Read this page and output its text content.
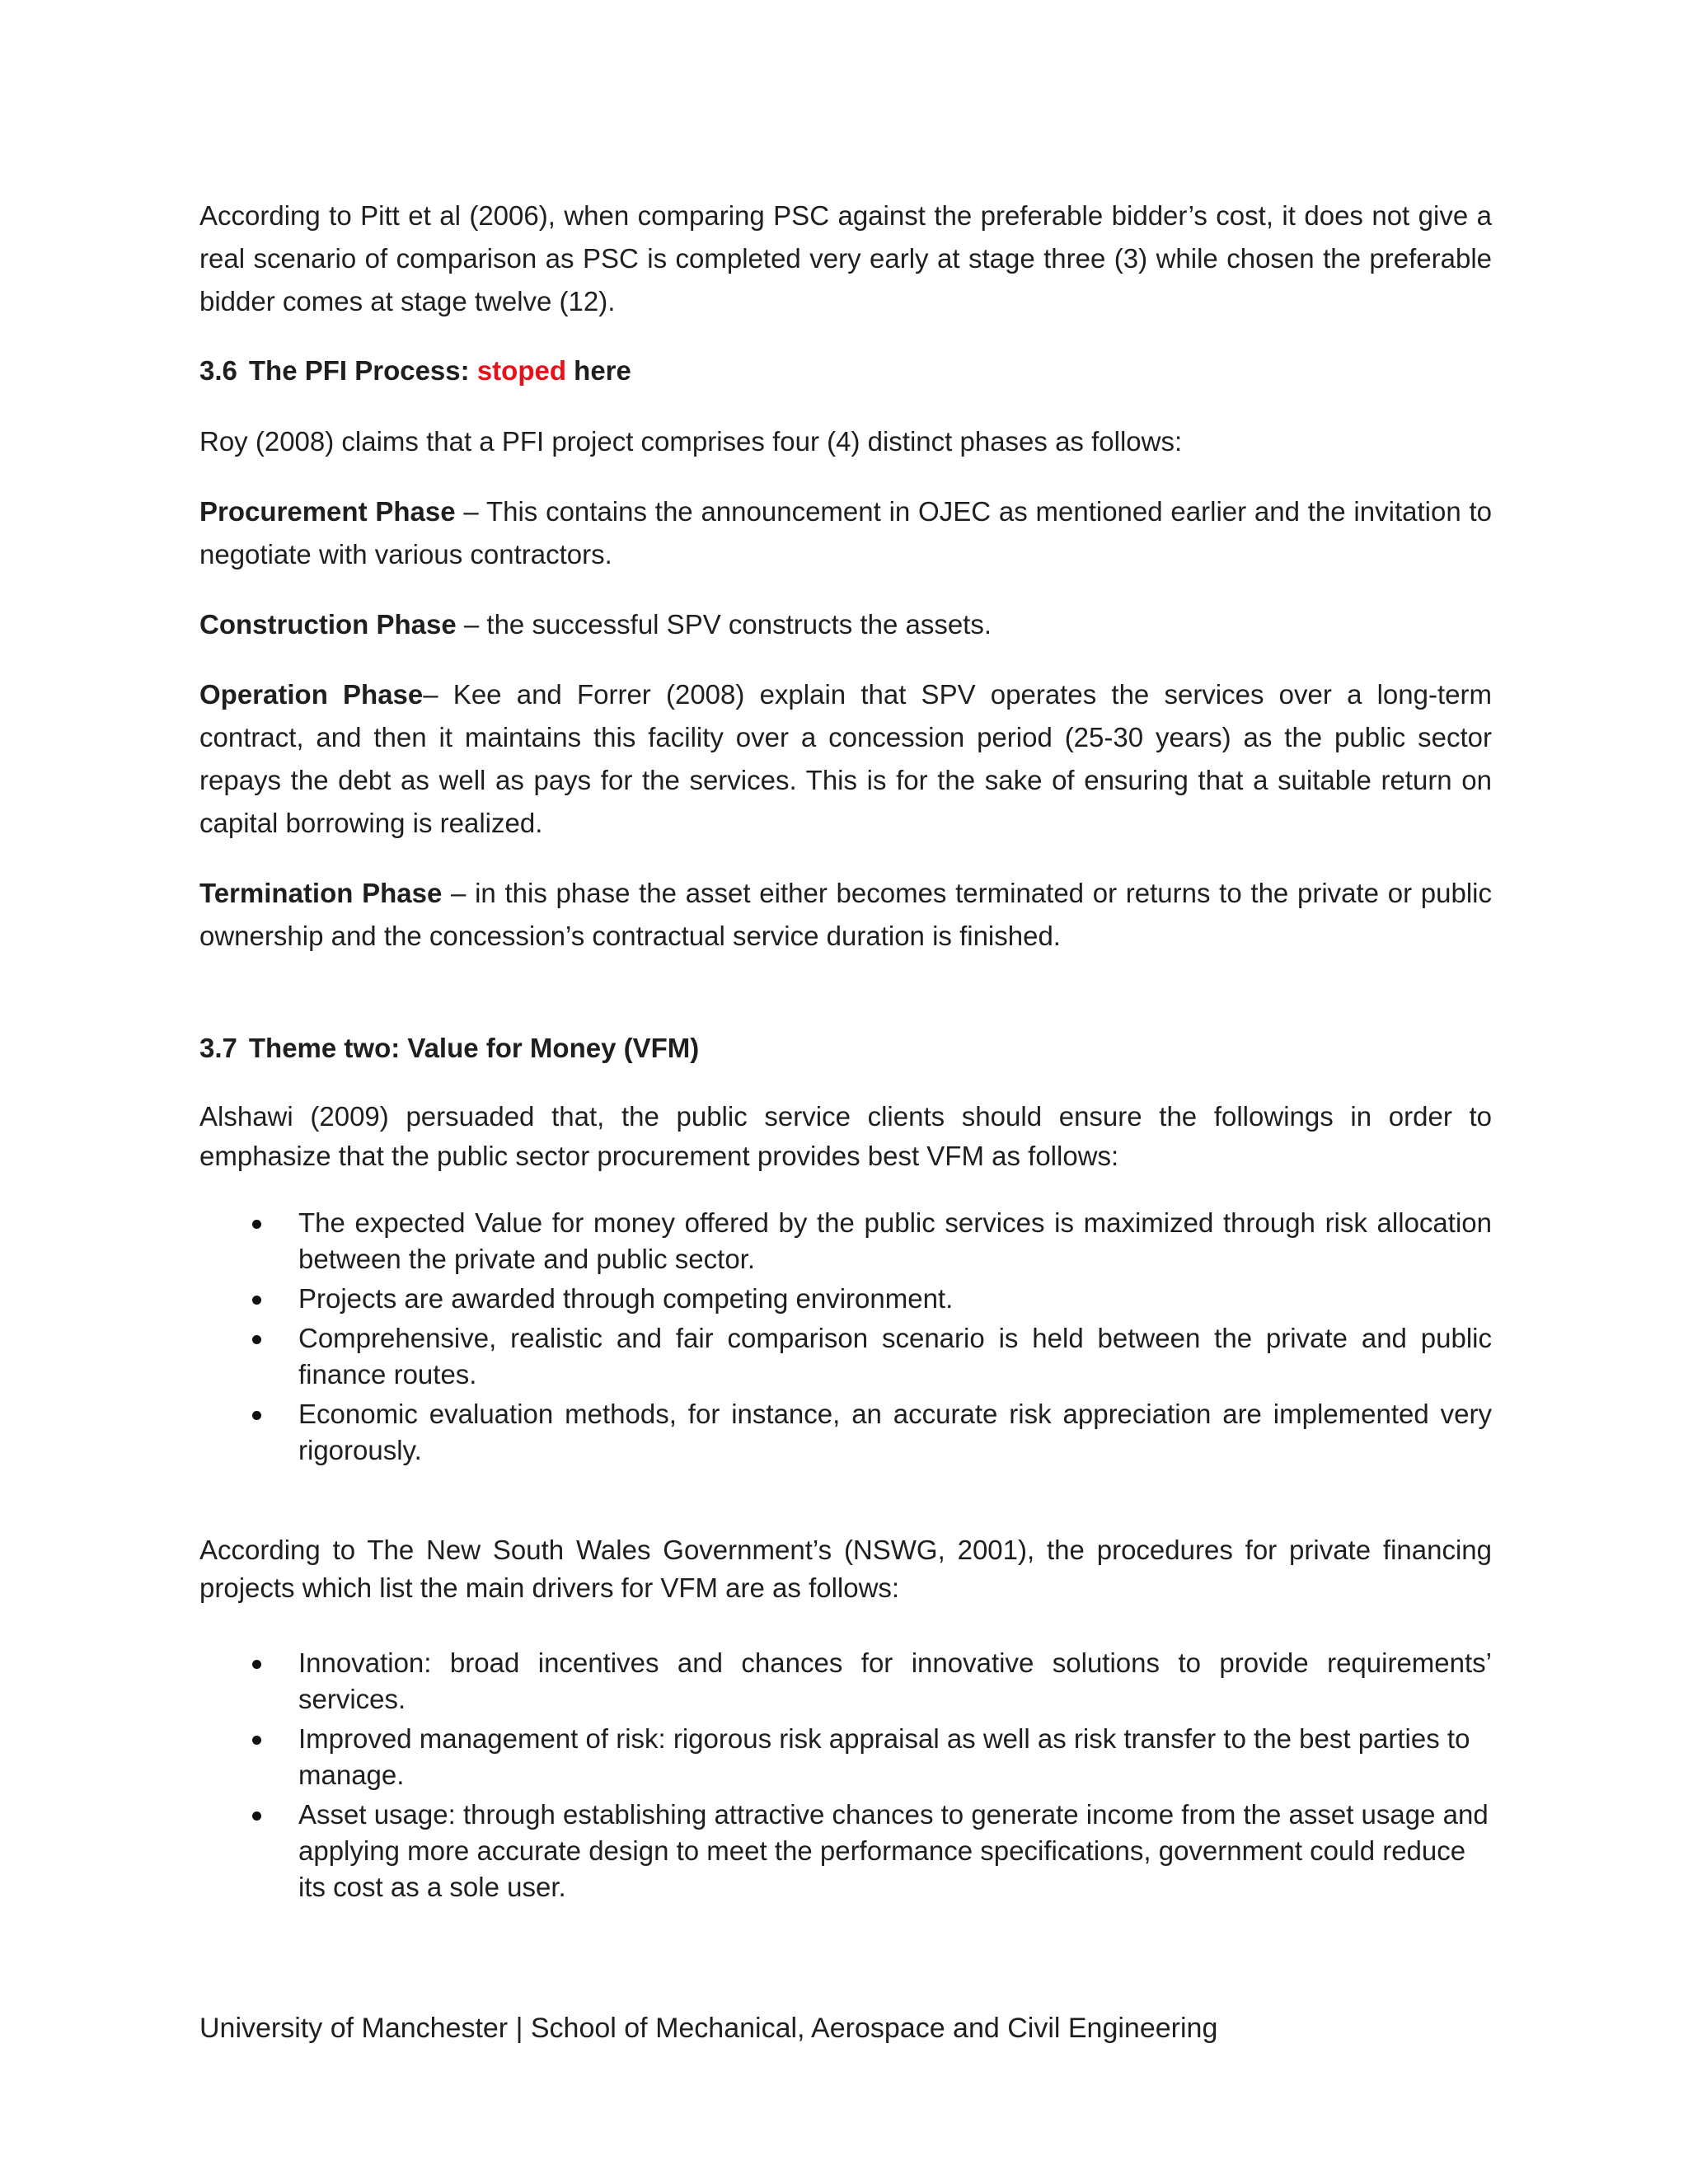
According to Pitt et al (2006), when comparing PSC against the preferable bidder’s cost, it does not give a real scenario of comparison as PSC is completed very early at stage three (3) while chosen the preferable bidder comes at stage twelve (12).

3.6 The PFI Process: stoped here

Roy (2008) claims that a PFI project comprises four (4) distinct phases as follows:

Procurement Phase – This contains the announcement in OJEC as mentioned earlier and the invitation to negotiate with various contractors.

Construction Phase – the successful SPV constructs the assets.

Operation Phase– Kee and Forrer (2008) explain that SPV operates the services over a long-term contract, and then it maintains this facility over a concession period (25-30 years) as the public sector repays the debt as well as pays for the services. This is for the sake of ensuring that a suitable return on capital borrowing is realized.

Termination Phase – in this phase the asset either becomes terminated or returns to the private or public ownership and the concession’s contractual service duration is finished.

3.7 Theme two: Value for Money (VFM)

Alshawi (2009) persuaded that, the public service clients should ensure the followings in order to emphasize that the public sector procurement provides best VFM as follows:

The expected Value for money offered by the public services is maximized through risk allocation between the private and public sector.
Projects are awarded through competing environment.
Comprehensive, realistic and fair comparison scenario is held between the private and public finance routes.
Economic evaluation methods, for instance, an accurate risk appreciation are implemented very rigorously.

According to The New South Wales Government’s (NSWG, 2001), the procedures for private financing projects which list the main drivers for VFM are as follows:

Innovation: broad incentives and chances for innovative solutions to provide requirements’ services.
Improved management of risk: rigorous risk appraisal as well as risk transfer to the best parties to manage.
Asset usage: through establishing attractive chances to generate income from the asset usage and applying more accurate design to meet the performance specifications, government could reduce its cost as a sole user.

University of Manchester | School of Mechanical, Aerospace and Civil Engineering
